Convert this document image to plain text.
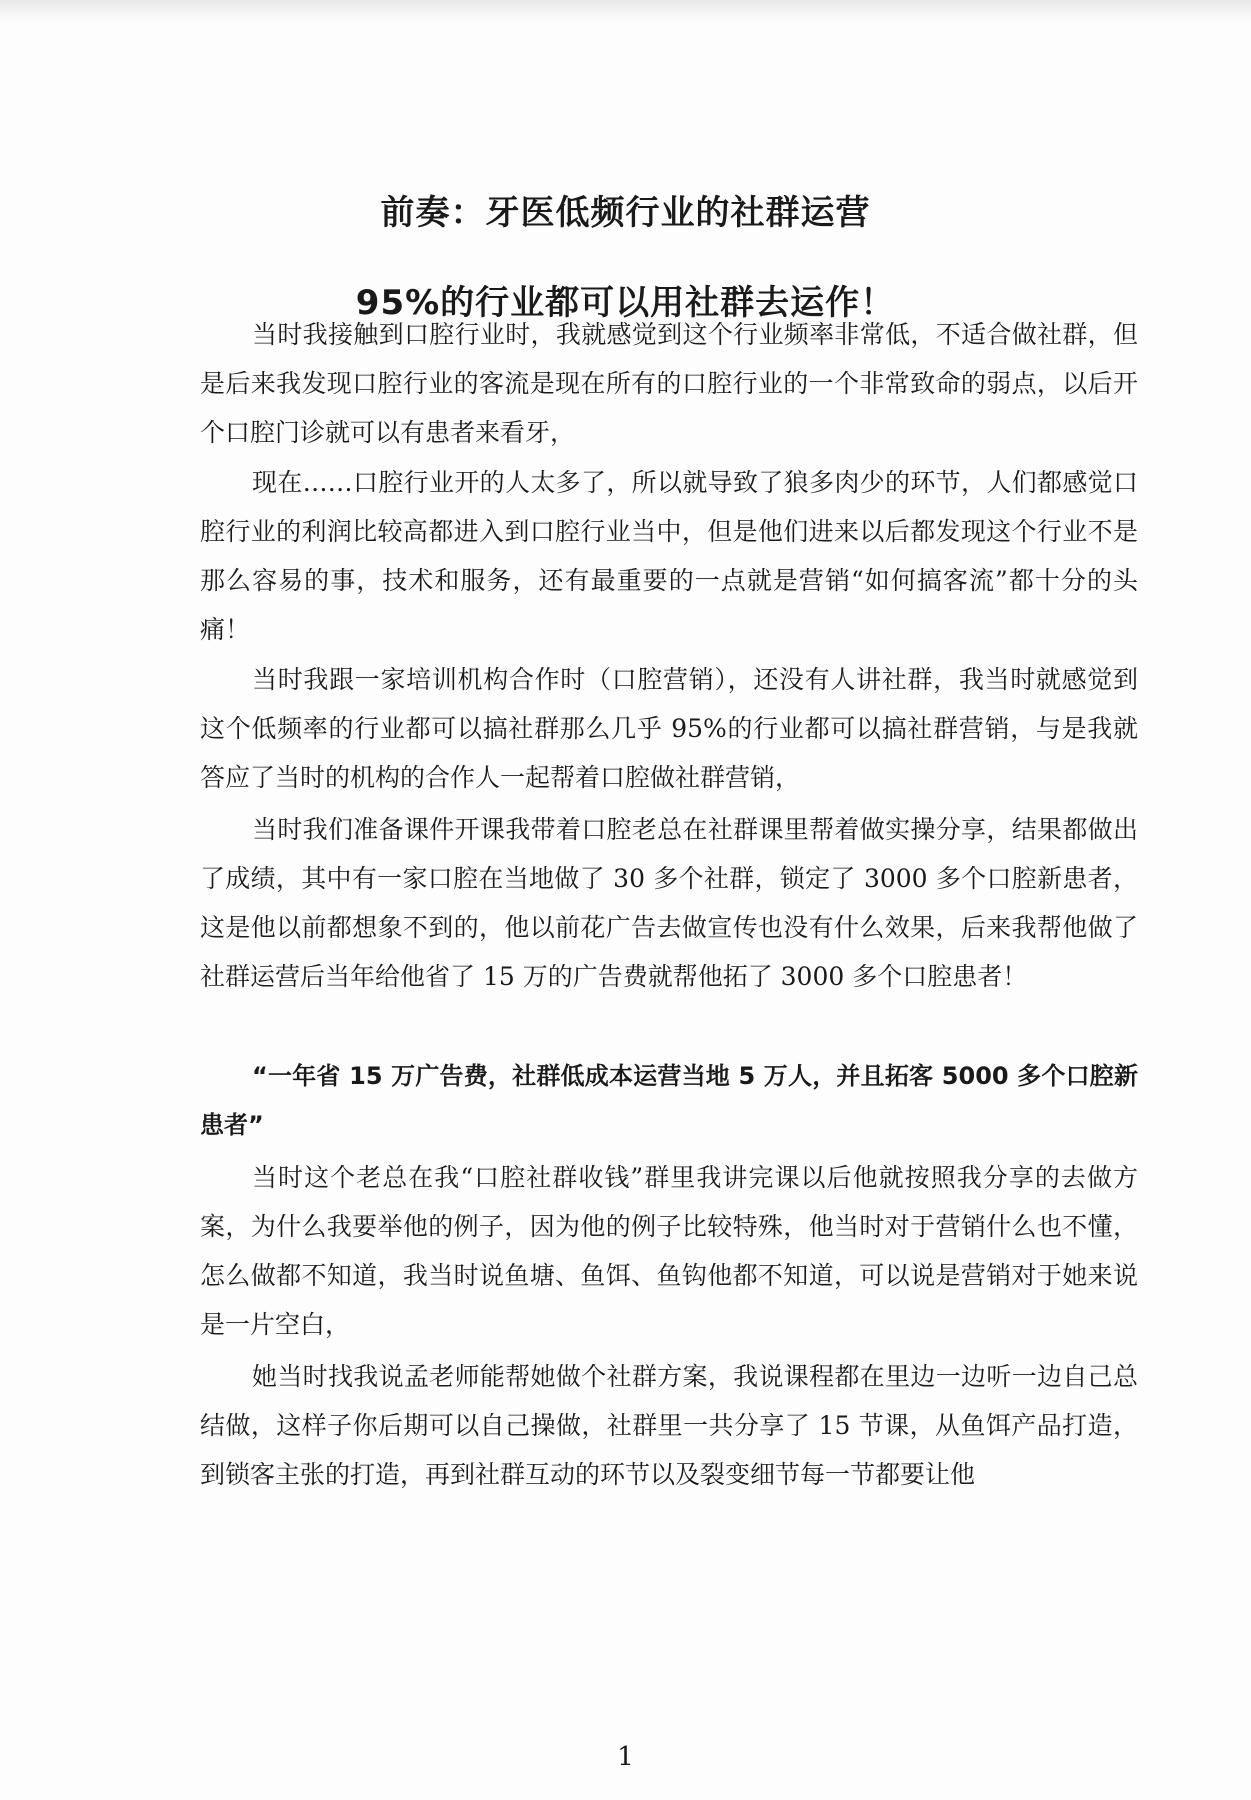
前奏：牙医低频行业的社群运营
95%的行业都可以用社群去运作！

当时我接触到口腔行业时，我就感觉到这个行业频率非常低，不适合做社群，但是后来我发现口腔行业的客流是现在所有的口腔行业的一个非常致命的弱点，以后开个口腔门诊就可以有患者来看牙，

现在……口腔行业开的人太多了，所以就导致了狼多肉少的环节，人们都感觉口腔行业的利润比较高都进入到口腔行业当中，但是他们进来以后都发现这个行业不是那么容易的事，技术和服务，还有最重要的一点就是营销“如何搞客流”都十分的头痛！

当时我跟一家培训机构合作时（口腔营销），还没有人讲社群，我当时就感觉到这个低频率的行业都可以搞社群那么几乎 95%的行业都可以搞社群营销，与是我就答应了当时的机构的合作人一起帮着口腔做社群营销，

当时我们准备课件开课我带着口腔老总在社群课里帮着做实操分享，结果都做出了成绩，其中有一家口腔在当地做了 30 多个社群，锁定了 3000 多个口腔新患者，这是他以前都想象不到的，他以前花广告去做宣传也没有什么效果，后来我帮他做了社群运营后当年给他省了 15 万的广告费就帮他拓了 3000 多个口腔患者！

“一年省 15 万广告费，社群低成本运营当地 5 万人，并且拓客 5000 多个口腔新患者”

当时这个老总在我“口腔社群收钱”群里我讲完课以后他就按照我分享的去做方案，为什么我要举他的例子，因为他的例子比较特殊，他当时对于营销什么也不懂，怎么做都不知道，我当时说鱼塘、鱼饵、鱼钩他都不知道，可以说是营销对于她来说是一片空白，

她当时找我说孟老师能帮她做个社群方案，我说课程都在里边一边听一边自己总结做，这样子你后期可以自己操做，社群里一共分享了 15 节课，从鱼饵产品打造，到锁客主张的打造，再到社群互动的环节以及裂变细节每一节都要让他

1
